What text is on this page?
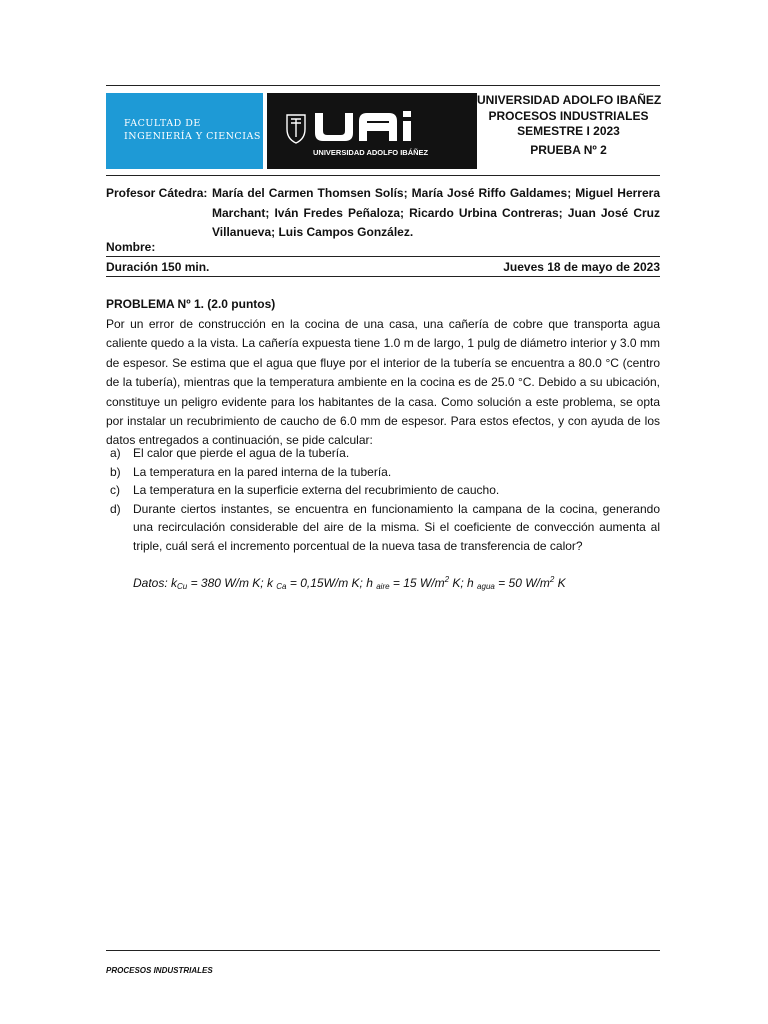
FACULTAD DE
INGENIERÍA Y CIENCIAS
UNIVERSIDAD ADOLFO IBÁÑEZ
UNIVERSIDAD ADOLFO IBAÑEZ
PROCESOS INDUSTRIALES
SEMESTRE I 2023
PRUEBA Nº 2
Profesor Cátedra: María del Carmen Thomsen Solís; María José Riffo Galdames; Miguel Herrera Marchant; Iván Fredes Peñaloza; Ricardo Urbina Contreras; Juan José Cruz Villanueva; Luis Campos González.
Nombre:
Duración 150 min.	Jueves 18 de mayo de 2023
PROBLEMA Nº 1. (2.0 puntos)
Por un error de construcción en la cocina de una casa, una cañería de cobre que transporta agua caliente quedo a la vista. La cañería expuesta tiene 1.0 m de largo, 1 pulg de diámetro interior y 3.0 mm de espesor. Se estima que el agua que fluye por el interior de la tubería se encuentra a 80.0 °C (centro de la tubería), mientras que la temperatura ambiente en la cocina es de 25.0 °C. Debido a su ubicación, constituye un peligro evidente para los habitantes de la casa. Como solución a este problema, se opta por instalar un recubrimiento de caucho de 6.0 mm de espesor. Para estos efectos, y con ayuda de los datos entregados a continuación, se pide calcular:
a) El calor que pierde el agua de la tubería.
b) La temperatura en la pared interna de la tubería.
c) La temperatura en la superficie externa del recubrimiento de caucho.
d) Durante ciertos instantes, se encuentra en funcionamiento la campana de la cocina, generando una recirculación considerable del aire de la misma. Si el coeficiente de convección aumenta al triple, cuál será el incremento porcentual de la nueva tasa de transferencia de calor?
Datos: $k_{Cu} = 380$ W/m K; k $_{Ca}$ = 0,15W/m K; h $_{aire}$ = 15 $W/m^2$ K; h $_{agua}$ = 50 $W/m^2$ K
PROCESOS INDUSTRIALES
